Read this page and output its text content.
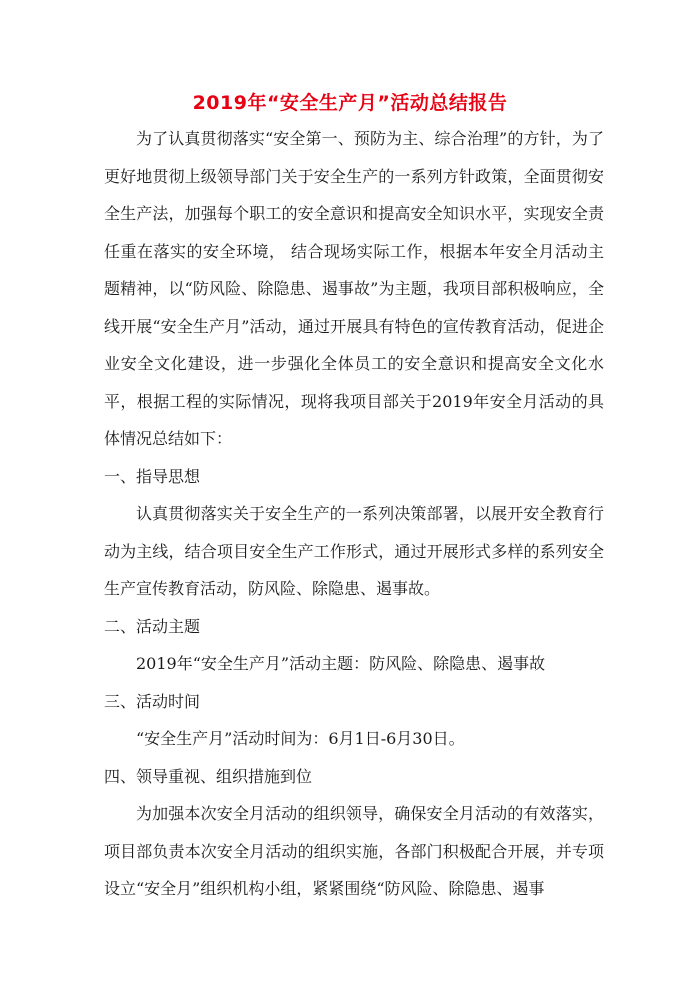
2019年“安全生产月”活动总结报告

为了认真贯彻落实“安全第一、预防为主、综合治理”的方针，为了更好地贯彻上级领导部门关于安全生产的一系列方针政策，全面贯彻安全生产法，加强每个职工的安全意识和提高安全知识水平，实现安全责任重在落实的安全环境， 结合现场实际工作，根据本年安全月活动主题精神，以“防风险、除隐患、遏事故”为主题，我项目部积极响应，全线开展“安全生产月”活动，通过开展具有特色的宣传教育活动，促进企业安全文化建设，进一步强化全体员工的安全意识和提高安全文化水平，根据工程的实际情况，现将我项目部关于2019年安全月活动的具体情况总结如下：

一、指导思想

认真贯彻落实关于安全生产的一系列决策部署，以展开安全教育行动为主线，结合项目安全生产工作形式，通过开展形式多样的系列安全生产宣传教育活动，防风险、除隐患、遏事故。

二、活动主题

2019年“安全生产月”活动主题：防风险、除隐患、遏事故

三、活动时间

“安全生产月”活动时间为：6月1日-6月30日。

四、领导重视、组织措施到位

为加强本次安全月活动的组织领导，确保安全月活动的有效落实，项目部负责本次安全月活动的组织实施，各部门积极配合开展，并专项设立“安全月”组织机构小组，紧紧围绕“防风险、除隐患、遏事
